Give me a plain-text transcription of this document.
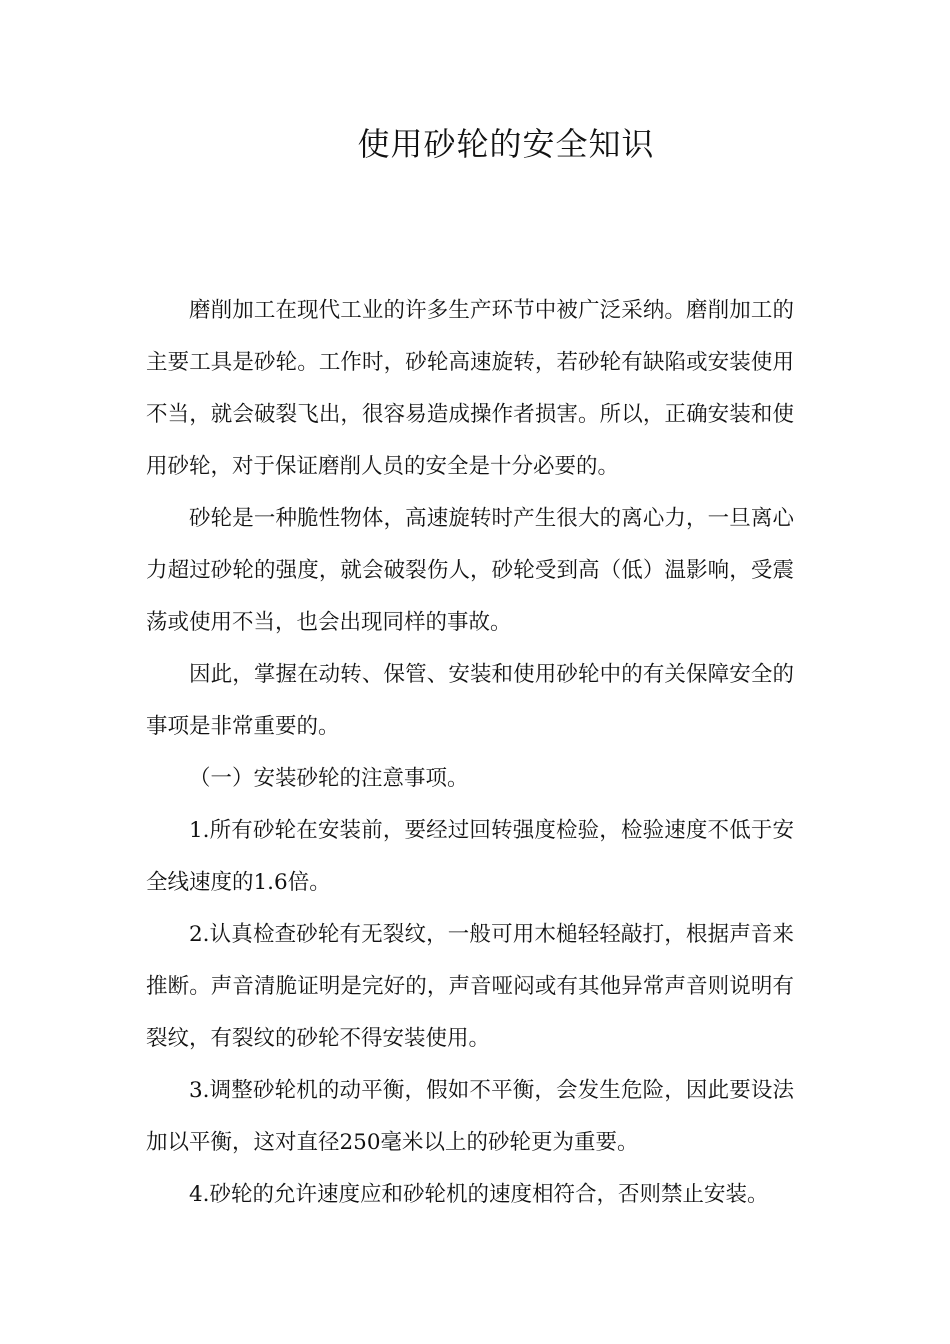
使用砂轮的安全知识

磨削加工在现代工业的许多生产环节中被广泛采纳。磨削加工的主要工具是砂轮。工作时，砂轮高速旋转，若砂轮有缺陷或安装使用不当，就会破裂飞出，很容易造成操作者损害。所以，正确安装和使用砂轮，对于保证磨削人员的安全是十分必要的。

砂轮是一种脆性物体，高速旋转时产生很大的离心力，一旦离心力超过砂轮的强度，就会破裂伤人，砂轮受到高（低）温影响，受震荡或使用不当，也会出现同样的事故。

因此，掌握在动转、保管、安装和使用砂轮中的有关保障安全的事项是非常重要的。

（一）安装砂轮的注意事项。

1.所有砂轮在安装前，要经过回转强度检验，检验速度不低于安全线速度的1.6倍。

2.认真检查砂轮有无裂纹，一般可用木槌轻轻敲打，根据声音来推断。声音清脆证明是完好的，声音哑闷或有其他异常声音则说明有裂纹，有裂纹的砂轮不得安装使用。

3.调整砂轮机的动平衡，假如不平衡，会发生危险，因此要设法加以平衡，这对直径250毫米以上的砂轮更为重要。

4.砂轮的允许速度应和砂轮机的速度相符合，否则禁止安装。
